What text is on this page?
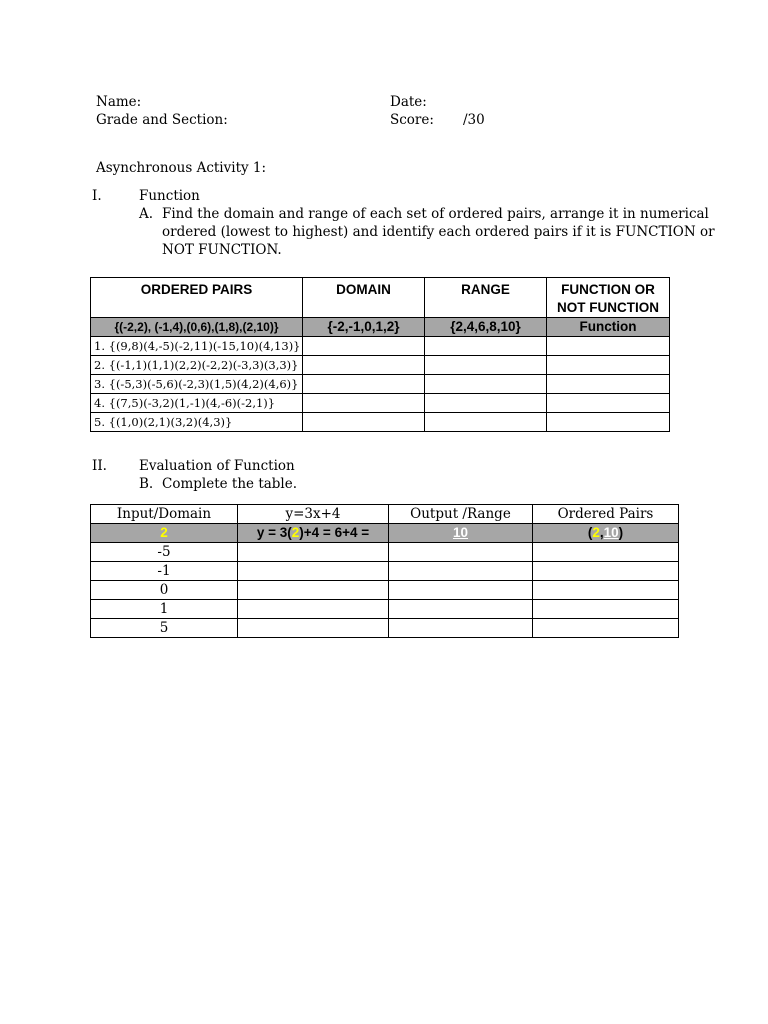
Name:
Grade and Section:
Date:
Score: /30
Asynchronous Activity 1:
I.	Function
A. Find the domain and range of each set of ordered pairs, arrange it in numerical
ordered (lowest to highest) and identify each ordered pairs if it is FUNCTION or
NOT FUNCTION.
ORDERED PAIRS	DOMAIN	RANGE	FUNCTION OR
NOT FUNCTION
{(-2,2), (-1,4),(0,6),(1,8),(2,10)}	{-2,-1,0,1,2}	{2,4,6,8,10}	Function
1. {(9,8)(4,-5)(-2,11)(-15,10)(4,13)}			
2. {(-1,1)(1,1)(2,2)(-2,2)(-3,3)(3,3)}			
3. {(-5,3)(-5,6)(-2,3)(1,5)(4,2)(4,6)}			
4. {(7,5)(-3,2)(1,-1)(4,-6)(-2,1)}			
5. {(1,0)(2,1)(3,2)(4,3)}			
II. Evaluation of Function
B. Complete the table.
Input/Domain	y=3x+4	Output /Range	Ordered Pairs
2	y = 3(2)+4 = 6+4 =	10	(2,10)
-5			
-1			
0			
1			
5			
